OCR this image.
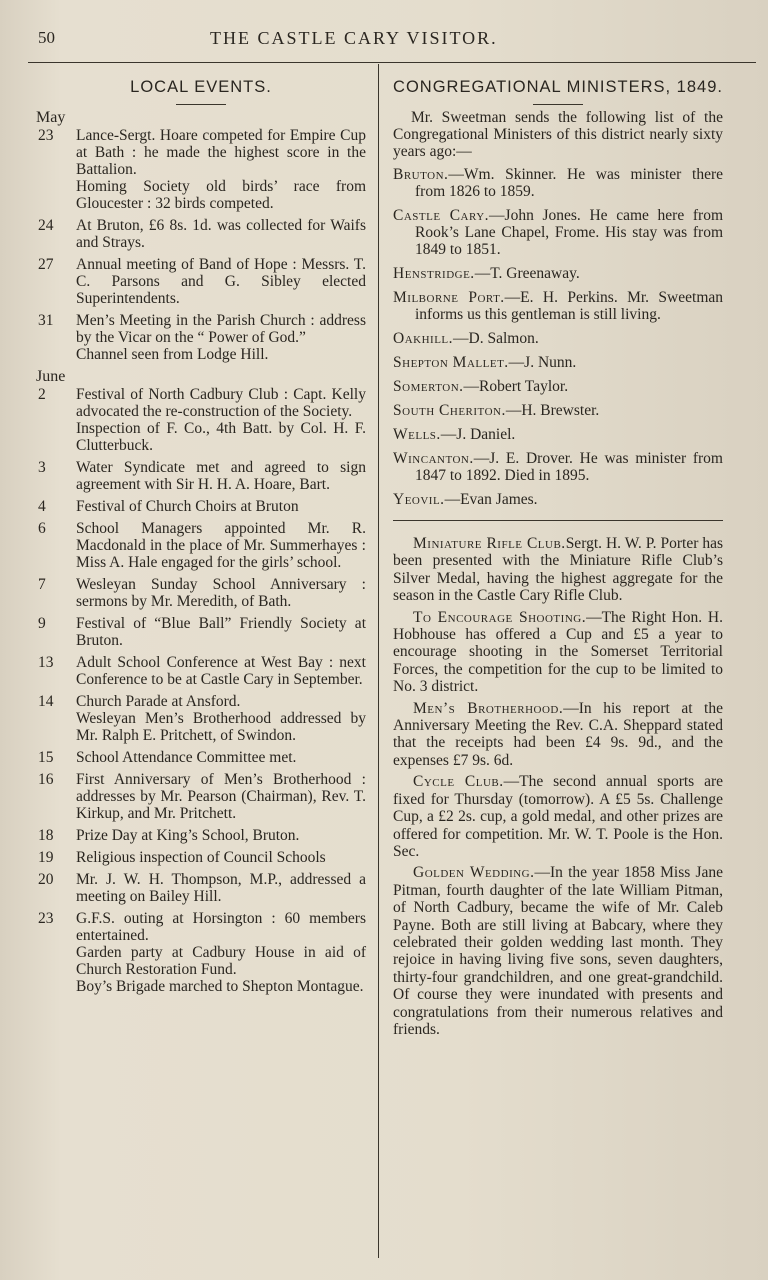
50	THE CASTLE CARY VISITOR.
LOCAL EVENTS.

May

23	Lance-Sergt. Hoare competed for Empire Cup at Bath : he made the highest score in the Battalion.

Homing Society old birds’ race from Gloucester : 32 birds competed.

24	At Bruton, £6 8s. 1d. was collected for Waifs and Strays.

27	Annual meeting of Band of Hope : Messrs. T. C. Parsons and G. Sibley elected Superintendents.

31	Men’s Meeting in the Parish Church : address by the Vicar on the “ Power of God.”

Channel seen from Lodge Hill.

June

2	Festival of North Cadbury Club : Capt. Kelly advocated the re-construction of the Society.

Inspection of F. Co., 4th Batt. by Col. H. F. Clutterbuck.

3	Water Syndicate met and agreed to sign agreement with Sir H. H. A. Hoare, Bart.

4	Festival of Church Choirs at Bruton

6	School Managers appointed Mr. R. Macdonald in the place of Mr. Summerhayes : Miss A. Hale engaged for the girls’ school.

7	Wesleyan Sunday School Anniversary : sermons by Mr. Meredith, of Bath.

9	Festival of “Blue Ball” Friendly Society at Bruton.

13	Adult School Conference at West Bay : next Conference to be at Castle Cary in September.

14	Church Parade at Ansford.

Wesleyan Men’s Brotherhood addressed by Mr. Ralph E. Pritchett, of Swindon.

15	School Attendance Committee met.

16	First Anniversary of Men’s Brotherhood : addresses by Mr. Pearson (Chairman), Rev. T. Kirkup, and Mr. Pritchett.

18	Prize Day at King’s School, Bruton.

19	Religious inspection of Council Schools

20	Mr. J. W. H. Thompson, M.P., addressed a meeting on Bailey Hill.

23	G.F.S. outing at Horsington : 60 members entertained.

Garden party at Cadbury House in aid of Church Restoration Fund.

Boy’s Brigade marched to Shepton Montague.

CONGREGATIONAL MINISTERS, 1849.

Mr. Sweetman sends the following list of the Congregational Ministers of this district nearly sixty years ago:—

Bruton.—Wm. Skinner. He was minister there from 1826 to 1859.

Castle Cary.—John Jones. He came here from Rook’s Lane Chapel, Frome. His stay was from 1849 to 1851.

Henstridge.—T. Greenaway.

Milborne Port.—E. H. Perkins. Mr. Sweetman informs us this gentleman is still living.

Oakhill.—D. Salmon.

Shepton Mallet.—J. Nunn.

Somerton.—Robert Taylor.

South Cheriton.—H. Brewster.

Wells.—J. Daniel.

Wincanton.—J. E. Drover. He was minister from 1847 to 1892. Died in 1895.

Yeovil.—Evan James.

Miniature Rifle Club.Sergt. H. W. P. Porter has been presented with the Miniature Rifle Club’s Silver Medal, having the highest aggregate for the season in the Castle Cary Rifle Club.

To Encourage Shooting.—The Right Hon. H. Hobhouse has offered a Cup and £5 a year to encourage shooting in the Somerset Territorial Forces, the competition for the cup to be limited to No. 3 district.

Men’s Brotherhood.—In his report at the Anniversary Meeting the Rev. C.A. Sheppard stated that the receipts had been £4 9s. 9d., and the expenses £7 9s. 6d.

Cycle Club.—The second annual sports are fixed for Thursday (tomorrow). A £5 5s. Challenge Cup, a £2 2s. cup, a gold medal, and other prizes are offered for competition. Mr. W. T. Poole is the Hon. Sec.

Golden Wedding.—In the year 1858 Miss Jane Pitman, fourth daughter of the late William Pitman, of North Cadbury, became the wife of Mr. Caleb Payne. Both are still living at Babcary, where they celebrated their golden wedding last month. They rejoice in having living five sons, seven daughters, thirty-four grandchildren, and one great-grandchild. Of course they were inundated with presents and congratulations from their numerous relatives and friends.
